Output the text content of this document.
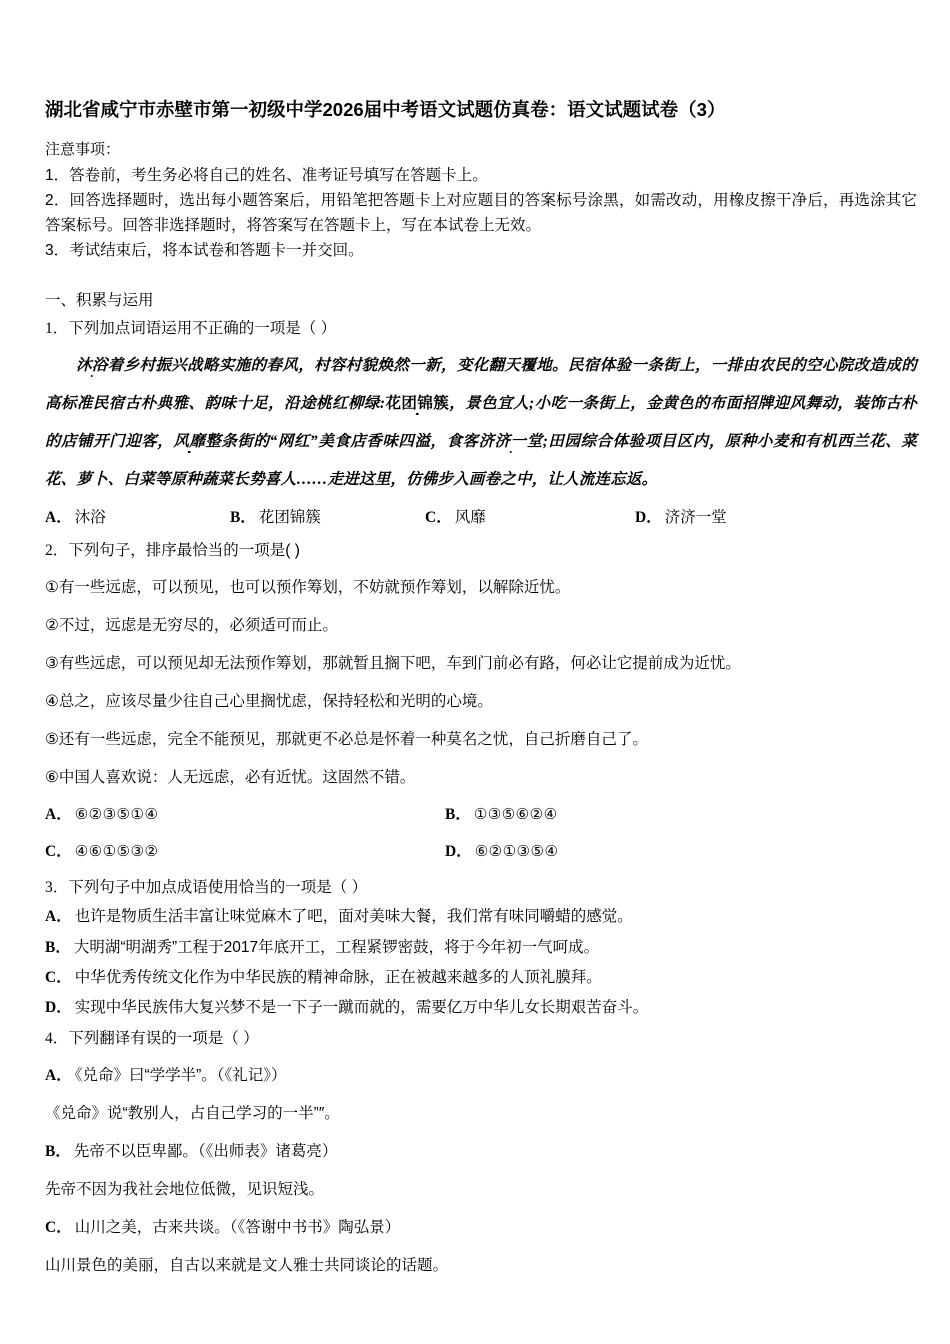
湖北省咸宁市赤壁市第一初级中学2026届中考语文试题仿真卷：语文试题试卷（3）

注意事项：

1．答卷前，考生务必将自己的姓名、准考证号填写在答题卡上。

2．回答选择题时，选出每小题答案后，用铅笔把答题卡上对应题目的答案标号涂黑，如需改动，用橡皮擦干净后，再选涂其它答案标号。回答非选择题时，将答案写在答题卡上，写在本试卷上无效。

3．考试结束后，将本试卷和答题卡一并交回。

一、积累与运用

1．下列加点词语运用不正确的一项是（ ）

沐浴着乡村振兴战略实施的春风，村容村貌焕然一新，变化翻天覆地。民宿体验一条街上，一排由农民的空心院改造成的高标准民宿古朴典雅、韵味十足，沿途桃红柳绿:花团锦簇，景色宜人;小吃一条街上，金黄色的布面招牌迎风舞动，装饰古朴的店铺开门迎客，风靡整条街的“网红”美食店香味四溢，食客济济一堂;田园综合体验项目区内，原种小麦和有机西兰花、菜花、萝卜、白菜等原种蔬菜长势喜人……走进这里，仿佛步入画卷之中，让人流连忘返。

A． 沐浴	B． 花团锦簇	C． 风靡	D． 济济一堂

2．下列句子，排序最恰当的一项是( )

①有一些远虑，可以预见，也可以预作筹划，不妨就预作筹划，以解除近忧。

②不过，远虑是无穷尽的，必须适可而止。

③有些远虑，可以预见却无法预作筹划，那就暂且搁下吧，车到门前必有路，何必让它提前成为近忧。

④总之，应该尽量少往自己心里搁忧虑，保持轻松和光明的心境。

⑤还有一些远虑，完全不能预见，那就更不必总是怀着一种莫名之忧，自己折磨自己了。

⑥中国人喜欢说：人无远虑，必有近忧。这固然不错。

A． ⑥②③⑤①④	B． ①③⑤⑥②④
C． ④⑥①⑤③②	D． ⑥②①③⑤④

3．下列句子中加点成语使用恰当的一项是（ ）

A． 也许是物质生活丰富让味觉麻木了吧，面对美味大餐，我们常有味同嚼蜡的感觉。

B． 大明湖“明湖秀”工程于2017年底开工，工程紧锣密鼓，将于今年初一气呵成。

C． 中华优秀传统文化作为中华民族的精神命脉，正在被越来越多的人顶礼膜拜。

D． 实现中华民族伟大复兴梦不是一下子一蹴而就的，需要亿万中华儿女长期艰苦奋斗。

4．下列翻译有误的一项是（ ）

A． 《兑命》曰“学学半”。（《礼记》）

《兑命》说“教别人，占自己学习的一半”″。

B． 先帝不以臣卑鄙。（《出师表》诸葛亮）

先帝不因为我社会地位低微，见识短浅。

C． 山川之美，古来共谈。（《答谢中书书》陶弘景）

山川景色的美丽，自古以来就是文人雅士共同谈论的话题。
